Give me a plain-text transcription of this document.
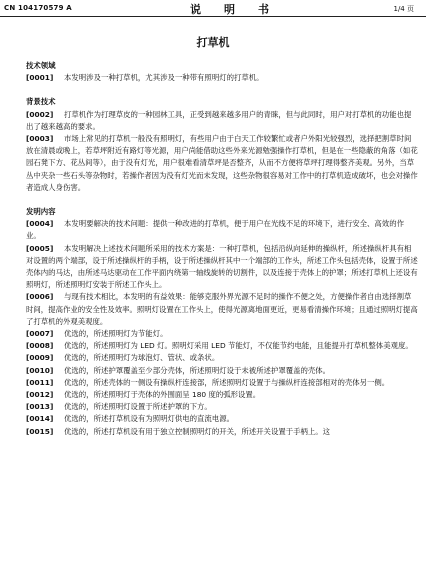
CN 104170579 A	说　明　书	1/4 页
打草机

技术领域

[0001] 本发明涉及一种打草机，尤其涉及一种带有照明灯的打草机。

背景技术

[0002] 打草机作为打理草皮的一种园林工具，正受到越来越多用户的青睐，但与此同时，用户对打草机的功能也提出了越来越高的要求。

[0003] 市场上常见的打草机一般没有照明灯，有些用户由于白天工作较繁忙或者户外阳光较强烈，选择把割草时间放在清晨或晚上，若草坪附近有路灯等光源，用户尚能借助这些外来光源勉强操作打草机，但是在一些隐蔽的角落（如花园石凳下方、花丛间等），由于没有灯光，用户很难看清草坪是否整齐，从而不方便将草坪打理得整齐美观。另外，当草丛中夹杂一些石头等杂物时，若操作者因为没有灯光而未发现，这些杂物很容易对工作中的打草机造成破坏，也会对操作者造成人身伤害。

发明内容

[0004] 本发明要解决的技术问题：提供一种改进的打草机，便于用户在光线不足的环境下，进行安全、高效的作业。

[0005] 本发明解决上述技术问题所采用的技术方案是：一种打草机，包括沿纵向延伸的操纵杆，所述操纵杆具有相对设置的两个端部，设于所述操纵杆的手柄，设于所述操纵杆其中一个端部的工作头，所述工作头包括壳体，设置于所述壳体内的马达，由所述马达驱动在工作平面内绕第一轴线旋转的切割件，以及连接于壳体上的护罩；所述打草机上还设有照明灯，所述照明灯安装于所述工作头上。

[0006] 与现有技术相比，本发明的有益效果：能够克服外界光源不足时的操作不便之处，方便操作者自由选择割草时间，提高作业的安全性及效率。照明灯设置在工作头上，使得光源离地面更近，更易看清操作环境；且通过照明灯提高了打草机的外观美观度。

[0007] 优选的，所述照明灯为节能灯。

[0008] 优选的，所述照明灯为 LED 灯。照明灯采用 LED 节能灯，不仅能节约电能，且能提升打草机整体美观度。

[0009] 优选的，所述照明灯为球泡灯、管状、或条状。

[0010] 优选的，所述护罩覆盖至少部分壳体，所述照明灯设于未被所述护罩覆盖的壳体。

[0011] 优选的，所述壳体的一侧设有操纵杆连接部，所述照明灯设置于与操纵杆连接部相对的壳体另一侧。

[0012] 优选的，所述照明灯于壳体的外围面呈 180 度的弧形设置。

[0013] 优选的，所述照明灯设置于所述护罩的下方。

[0014] 优选的，所述打草机设有为照明灯供电的直流电源。

[0015] 优选的，所述打草机设有用于独立控制照明灯的开关，所述开关设置于手柄上。这
